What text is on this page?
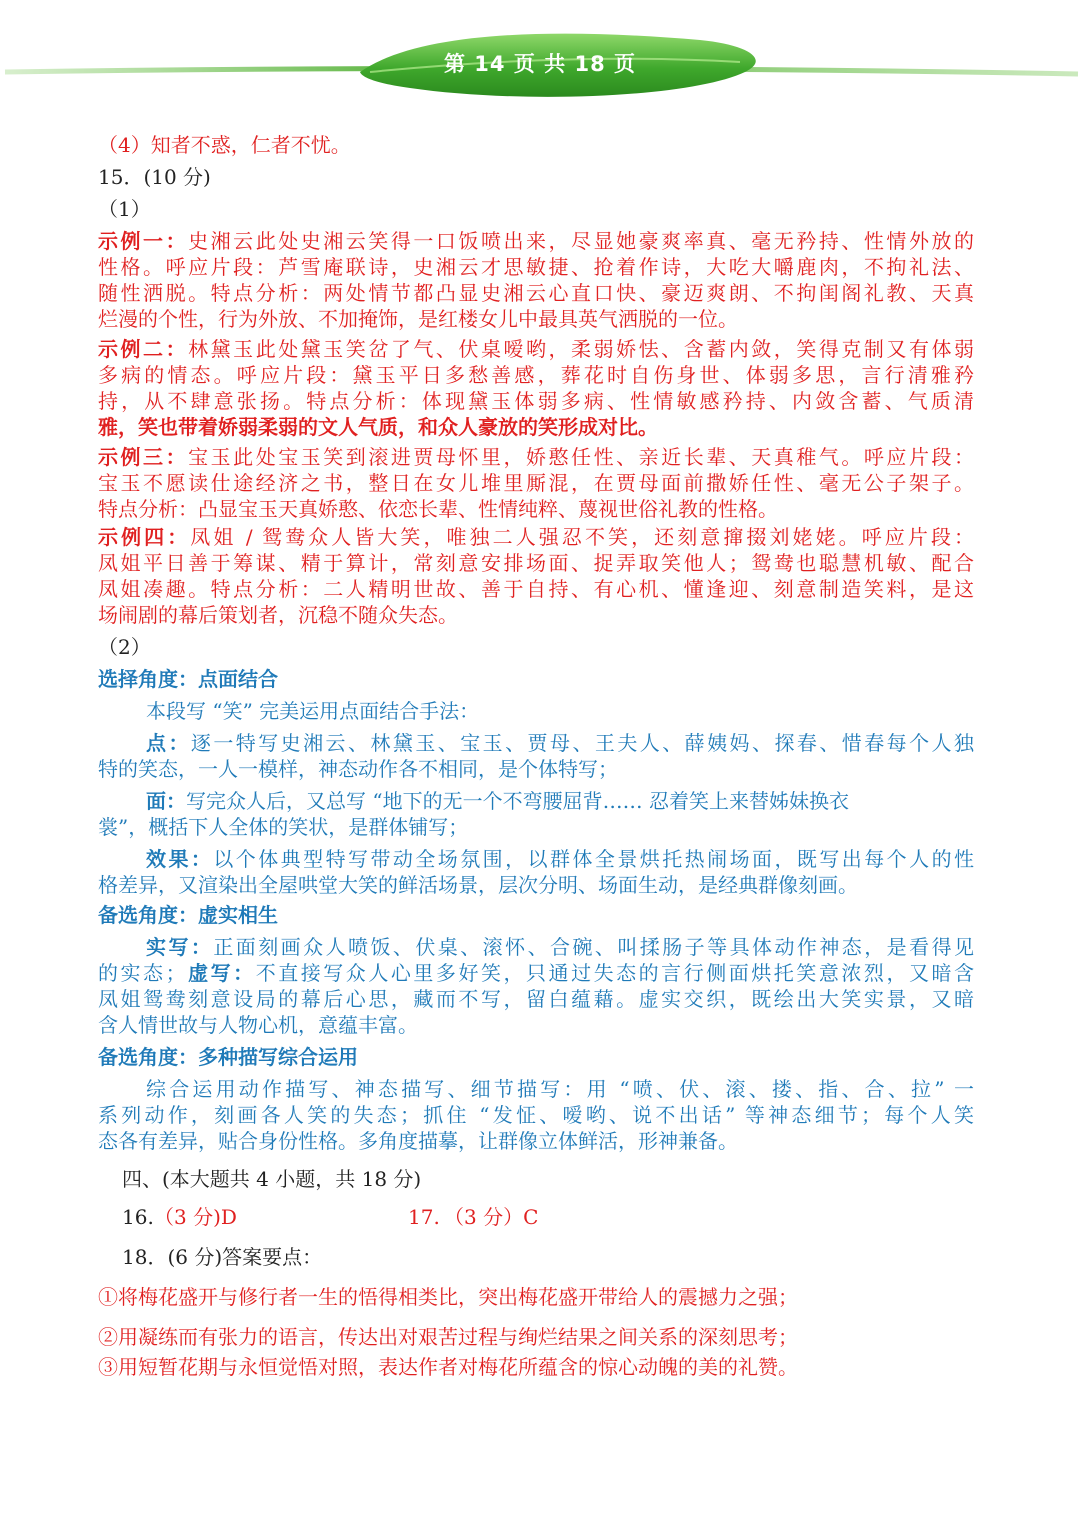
第 14 页 共 18 页

（4）知者不惑，仁者不忧。

15．(10 分)

（1）

示例一：史湘云此处史湘云笑得一口饭喷出来，尽显她豪爽率真、毫无矜持、性情外放的

性格。呼应片段：芦雪庵联诗，史湘云才思敏捷、抢着作诗，大吃大嚼鹿肉，不拘礼法、

随性洒脱。特点分析：两处情节都凸显史湘云心直口快、豪迈爽朗、不拘闺阁礼教、天真

烂漫的个性，行为外放、不加掩饰，是红楼女儿中最具英气洒脱的一位。

示例二：林黛玉此处黛玉笑岔了气、伏桌嗳哟，柔弱娇怯、含蓄内敛，笑得克制又有体弱

多病的情态。呼应片段：黛玉平日多愁善感，葬花时自伤身世、体弱多思，言行清雅矜

持，从不肆意张扬。特点分析：体现黛玉体弱多病、性情敏感矜持、内敛含蓄、气质清

雅，笑也带着娇弱柔弱的文人气质，和众人豪放的笑形成对比。

示例三：宝玉此处宝玉笑到滚进贾母怀里，娇憨任性、亲近长辈、天真稚气。呼应片段：

宝玉不愿读仕途经济之书，整日在女儿堆里厮混，在贾母面前撒娇任性、毫无公子架子。

特点分析：凸显宝玉天真娇憨、依恋长辈、性情纯粹、蔑视世俗礼教的性格。

示例四：凤姐 / 鸳鸯众人皆大笑，唯独二人强忍不笑，还刻意撺掇刘姥姥。呼应片段：

凤姐平日善于筹谋、精于算计，常刻意安排场面、捉弄取笑他人；鸳鸯也聪慧机敏、配合

凤姐凑趣。特点分析：二人精明世故、善于自持、有心机、懂逢迎、刻意制造笑料，是这

场闹剧的幕后策划者，沉稳不随众失态。

（2）

选择角度：点面结合

本段写 “笑” 完美运用点面结合手法：

点：逐一特写史湘云、林黛玉、宝玉、贾母、王夫人、薛姨妈、探春、惜春每个人独

特的笑态，一人一模样，神态动作各不相同，是个体特写；

面：写完众人后，又总写 “地下的无一个不弯腰屈背…… 忍着笑上来替姊妹换衣

裳”，概括下人全体的笑状，是群体铺写；

效果：以个体典型特写带动全场氛围，以群体全景烘托热闹场面，既写出每个人的性

格差异，又渲染出全屋哄堂大笑的鲜活场景，层次分明、场面生动，是经典群像刻画。

备选角度：虚实相生

实写：正面刻画众人喷饭、伏桌、滚怀、合碗、叫揉肠子等具体动作神态，是看得见

的实态；虚写：不直接写众人心里多好笑，只通过失态的言行侧面烘托笑意浓烈，又暗含

凤姐鸳鸯刻意设局的幕后心思，藏而不写，留白蕴藉。虚实交织，既绘出大笑实景，又暗

含人情世故与人物心机，意蕴丰富。

备选角度：多种描写综合运用

综合运用动作描写、神态描写、细节描写：用 “喷、伏、滚、搂、指、合、拉” 一

系列动作，刻画各人笑的失态；抓住 “发怔、嗳哟、说不出话” 等神态细节；每个人笑

态各有差异，贴合身份性格。多角度描摹，让群像立体鲜活，形神兼备。

四、(本大题共 4 小题，共 18 分)

16. （3 分)D	17. （3 分）C

18．(6 分)答案要点：

①将梅花盛开与修行者一生的悟得相类比，突出梅花盛开带给人的震撼力之强；

②用凝练而有张力的语言，传达出对艰苦过程与绚烂结果之间关系的深刻思考；

③用短暂花期与永恒觉悟对照，表达作者对梅花所蕴含的惊心动魄的美的礼赞。
